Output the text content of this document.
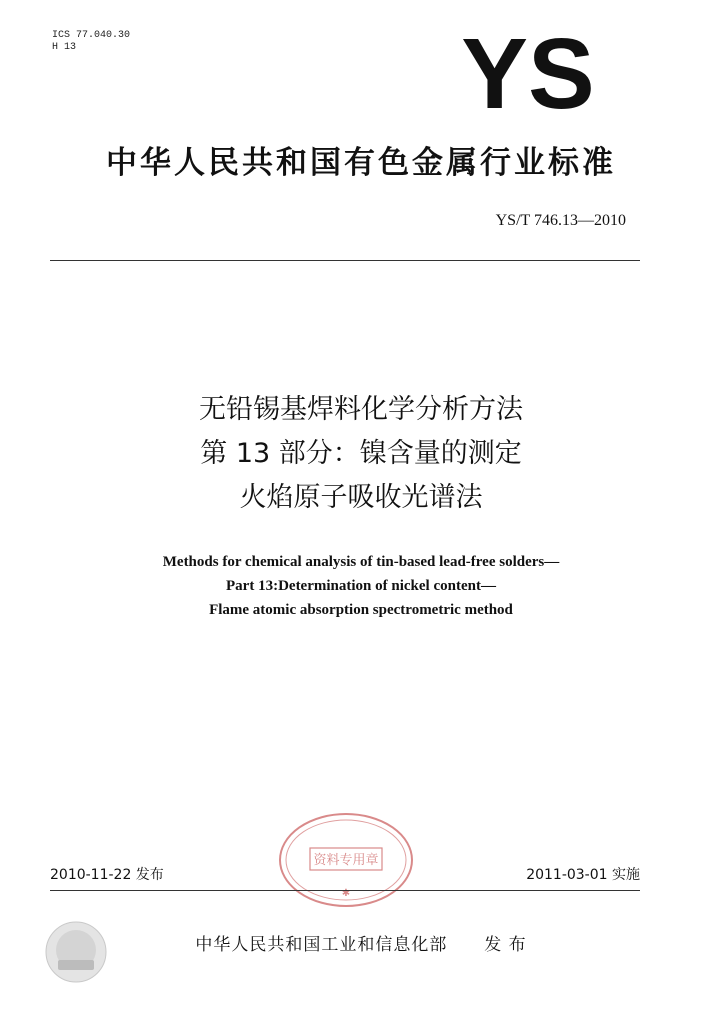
ICS 77.040.30
H 13	YS
中华人民共和国有色金属行业标准
YS/T 746.13—2010
无铅锡基焊料化学分析方法
第 13 部分：镍含量的测定
火焰原子吸收光谱法
Methods for chemical analysis of tin-based lead-free solders—
Part 13:Determination of nickel content—
Flame atomic absorption spectrometric method
资料专用章
✱
2010-11-22 发布	2011-03-01 实施
中华人民共和国工业和信息化部 发 布
